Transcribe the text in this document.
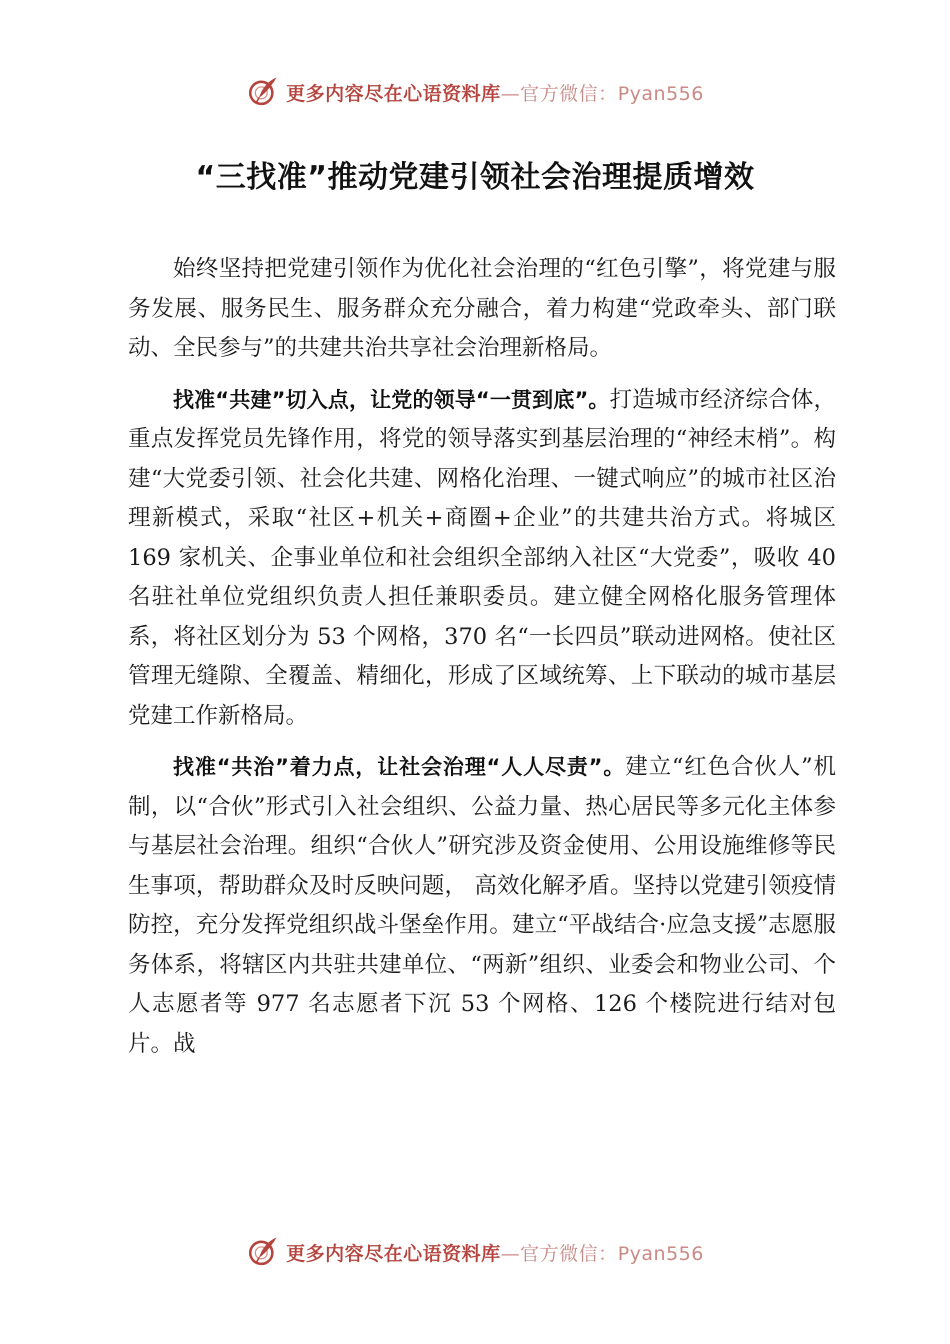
更多内容尽在心语资料库—官方微信：Pyan556
“三找准”推动党建引领社会治理提质增效

始终坚持把党建引领作为优化社会治理的“红色引擎”，将党建与服务发展、服务民生、服务群众充分融合，着力构建“党政牵头、部门联动、全民参与”的共建共治共享社会治理新格局。

找准“共建”切入点，让党的领导“一贯到底”。打造城市经济综合体，重点发挥党员先锋作用，将党的领导落实到基层治理的“神经末梢”。构建“大党委引领、社会化共建、网格化治理、一键式响应”的城市社区治理新模式，采取“社区+机关+商圈+企业”的共建共治方式。将城区 169 家机关、企事业单位和社会组织全部纳入社区“大党委”，吸收 40 名驻社单位党组织负责人担任兼职委员。建立健全网格化服务管理体系，将社区划分为 53 个网格，370 名“一长四员”联动进网格。使社区管理无缝隙、全覆盖、精细化，形成了区域统筹、上下联动的城市基层党建工作新格局。

找准“共治”着力点，让社会治理“人人尽责”。建立“红色合伙人”机制，以“合伙”形式引入社会组织、公益力量、热心居民等多元化主体参与基层社会治理。组织“合伙人”研究涉及资金使用、公用设施维修等民生事项，帮助群众及时反映问题， 高效化解矛盾。坚持以党建引领疫情防控，充分发挥党组织战斗堡垒作用。建立“平战结合·应急支援”志愿服务体系，将辖区内共驻共建单位、“两新”组织、业委会和物业公司、个人志愿者等 977 名志愿者下沉 53 个网格、126 个楼院进行结对包片。战

更多内容尽在心语资料库—官方微信：Pyan556
